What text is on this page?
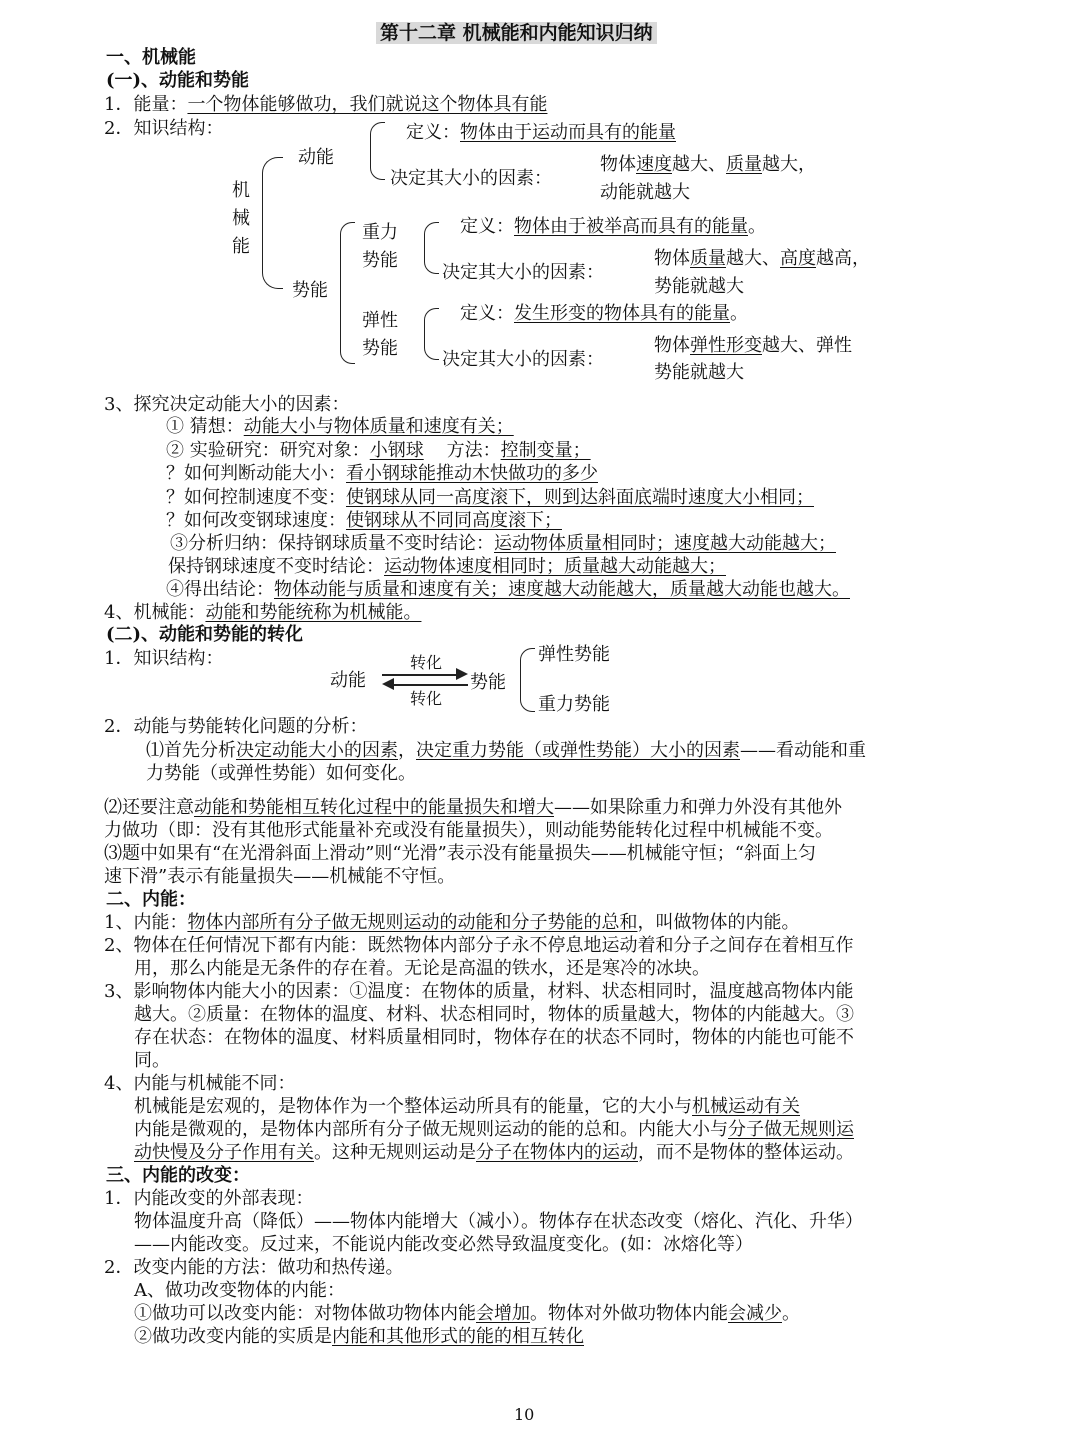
第十二章 机械能和内能知识归纳
一、机械能
(一)、动能和势能
1．能量：一个物体能够做功，我们就说这个物体具有能
2．知识结构：
机
械
能
动能
定义：物体由于运动而具有的能量
决定其大小的因素：
物体速度越大、质量越大，
动能就越大
势能
重力
势能
定义：物体由于被举高而具有的能量。
决定其大小的因素：
物体质量越大、高度越高，
势能就越大
弹性
势能
定义：发生形变的物体具有的能量。
决定其大小的因素：
物体弹性形变越大、弹性
势能就越大
3、探究决定动能大小的因素：
① 猜想：动能大小与物体质量和速度有关；
② 实验研究：研究对象：小钢球    方法：控制变量；
？如何判断动能大小：看小钢球能推动木快做功的多少
？如何控制速度不变：使钢球从同一高度滚下，则到达斜面底端时速度大小相同；
？如何改变钢球速度：使钢球从不同同高度滚下；
③分析归纳：保持钢球质量不变时结论：运动物体质量相同时；速度越大动能越大；
保持钢球速度不变时结论：运动物体速度相同时；质量越大动能越大；
④得出结论：物体动能与质量和速度有关；速度越大动能越大，质量越大动能也越大。
4、机械能：动能和势能统称为机械能。
(二)、动能和势能的转化
1．知识结构：
动能
转化
转化
势能
弹性势能
重力势能
2．动能与势能转化问题的分析：
⑴首先分析决定动能大小的因素，决定重力势能（或弹性势能）大小的因素——看动能和重
力势能（或弹性势能）如何变化。
⑵还要注意动能和势能相互转化过程中的能量损失和增大——如果除重力和弹力外没有其他外
力做功（即：没有其他形式能量补充或没有能量损失），则动能势能转化过程中机械能不变。
⑶题中如果有“在光滑斜面上滑动”则“光滑”表示没有能量损失——机械能守恒；“斜面上匀
速下滑”表示有能量损失——机械能不守恒。
二、内能：
1、内能：物体内部所有分子做无规则运动的动能和分子势能的总和，叫做物体的内能。
2、物体在任何情况下都有内能：既然物体内部分子永不停息地运动着和分子之间存在着相互作
用，那么内能是无条件的存在着。无论是高温的铁水，还是寒冷的冰块。
3、影响物体内能大小的因素：①温度：在物体的质量，材料、状态相同时，温度越高物体内能
越大。②质量：在物体的温度、材料、状态相同时，物体的质量越大，物体的内能越大。③
存在状态：在物体的温度、材料质量相同时，物体存在的状态不同时，物体的内能也可能不
同。
4、内能与机械能不同：
机械能是宏观的，是物体作为一个整体运动所具有的能量，它的大小与机械运动有关
内能是微观的，是物体内部所有分子做无规则运动的能的总和。内能大小与分子做无规则运
动快慢及分子作用有关。这种无规则运动是分子在物体内的运动，而不是物体的整体运动。
三、内能的改变：
1．内能改变的外部表现：
物体温度升高（降低）——物体内能增大（减小）。物体存在状态改变（熔化、汽化、升华）
——内能改变。反过来，不能说内能改变必然导致温度变化。(如：冰熔化等）
2．改变内能的方法：做功和热传递。
A、做功改变物体的内能：
①做功可以改变内能：对物体做功物体内能会增加。物体对外做功物体内能会减少。
②做功改变内能的实质是内能和其他形式的能的相互转化
10
